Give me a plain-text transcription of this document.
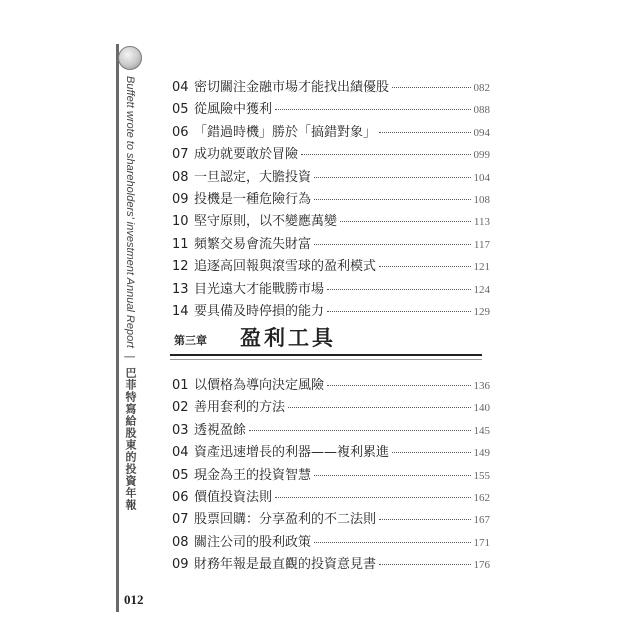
Buffett wrote to shareholders' investment Annual Report | 巴菲特寫給股東的投資年報
04 密切關注金融市場才能找出績優股	082
05 從風險中獲利	088
06 「錯過時機」勝於「搞錯對象」	094
07 成功就要敢於冒險	099
08 一旦認定，大膽投資	104
09 投機是一種危險行為	108
10 堅守原則，以不變應萬變	113
11 頻繁交易會流失財富	117
12 追逐高回報與滾雪球的盈利模式	121
13 目光遠大才能戰勝市場	124
14 要具備及時停損的能力	129
第三章 盈利工具
01 以價格為導向決定風險	136
02 善用套利的方法	140
03 透視盈餘	145
04 資產迅速增長的利器——複利累進	149
05 現金為王的投資智慧	155
06 價值投資法則	162
07 股票回購：分享盈利的不二法則	167
08 關注公司的股利政策	171
09 財務年報是最直觀的投資意見書	176
012
